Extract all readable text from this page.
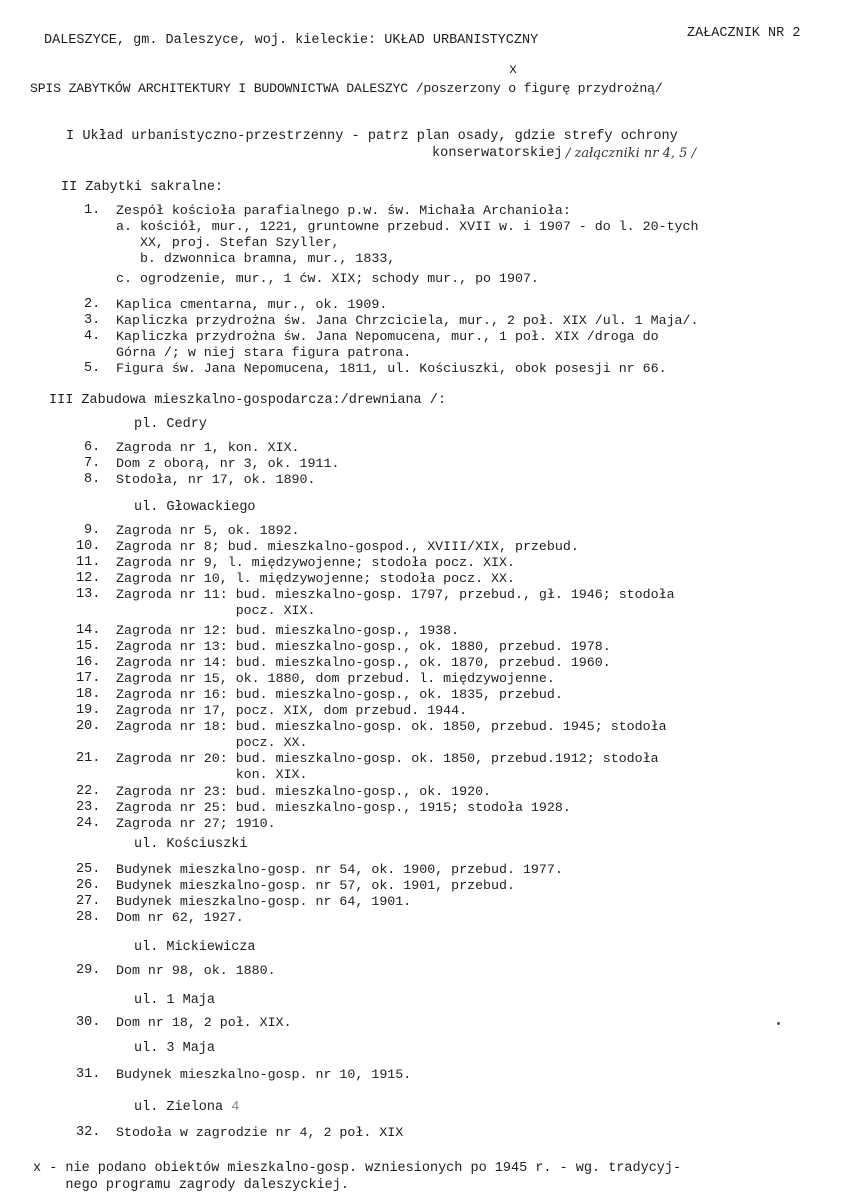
DALESZYCE, gm. Daleszyce, woj. kieleckie: UKŁAD URBANISTYCZNY	ZAŁACZNIK NR 2
x
SPIS ZABYTKÓW ARCHITEKTURY I BUDOWNICTWA DALESZYC /poszerzony o figurę przydrożną/
I Układ urbanistyczno-przestrzenny - patrz plan osady, gdzie strefy ochrony
konserwatorskiej / załączniki nr 4, 5 /
II Zabytki sakralne:
1. Zespół kościoła parafialnego p.w. św. Michała Archanioła:
a. kościół, mur., 1221, gruntowne przebud. XVII w. i 1907 - do l. 20-tych
XX, proj. Stefan Szyller,
b. dzwonnica bramna, mur., 1833,
c. ogrodzenie, mur., 1 ćw. XIX; schody mur., po 1907.
2. Kaplica cmentarna, mur., ok. 1909.
3. Kapliczka przydrożna św. Jana Chrzciciela, mur., 2 poł. XIX /ul. 1 Maja/.
4. Kapliczka przydrożna św. Jana Nepomucena, mur., 1 poł. XIX /droga do
Górna /; w niej stara figura patrona.
5. Figura św. Jana Nepomucena, 1811, ul. Kościuszki, obok posesji nr 66.
III Zabudowa mieszkalno-gospodarcza:/drewniana /:
pl. Cedry
6. Zagroda nr 1, kon. XIX.
7. Dom z oborą, nr 3, ok. 1911.
8. Stodoła, nr 17, ok. 1890.
ul. Głowackiego
9. Zagroda nr 5, ok. 1892.
10. Zagroda nr 8; bud. mieszkalno-gospod., XVIII/XIX, przebud.
11. Zagroda nr 9, l. międzywojenne; stodoła pocz. XIX.
12. Zagroda nr 10, l. międzywojenne; stodoła pocz. XX.
13. Zagroda nr 11: bud. mieszkalno-gosp. 1797, przebud., gł. 1946; stodoła
pocz. XIX.
14. Zagroda nr 12: bud. mieszkalno-gosp., 1938.
15. Zagroda nr 13: bud. mieszkalno-gosp., ok. 1880, przebud. 1978.
16. Zagroda nr 14: bud. mieszkalno-gosp., ok. 1870, przebud. 1960.
17. Zagroda nr 15, ok. 1880, dom przebud. l. międzywojenne.
18. Zagroda nr 16: bud. mieszkalno-gosp., ok. 1835, przebud.
19. Zagroda nr 17, pocz. XIX, dom przebud. 1944.
20. Zagroda nr 18: bud. mieszkalno-gosp. ok. 1850, przebud. 1945; stodoła
pocz. XX.
21. Zagroda nr 20: bud. mieszkalno-gosp. ok. 1850, przebud.1912; stodoła
kon. XIX.
22. Zagroda nr 23: bud. mieszkalno-gosp., ok. 1920.
23. Zagroda nr 25: bud. mieszkalno-gosp., 1915; stodoła 1928.
24. Zagroda nr 27; 1910.
ul. Kościuszki
25. Budynek mieszkalno-gosp. nr 54, ok. 1900, przebud. 1977.
26. Budynek mieszkalno-gosp. nr 57, ok. 1901, przebud.
27. Budynek mieszkalno-gosp. nr 64, 1901.
28. Dom nr 62, 1927.
ul. Mickiewicza
29. Dom nr 98, ok. 1880.
ul. 1 Maja
30. Dom nr 18, 2 poł. XIX.
ul. 3 Maja
31. Budynek mieszkalno-gosp. nr 10, 1915.
ul. Zielona 4
32. Stodoła w zagrodzie nr 4, 2 poł. XIX
x - nie podano obiektów mieszkalno-gosp. wzniesionych po 1945 r. - wg. tradycyj-
nego programu zagrody daleszyckiej.
